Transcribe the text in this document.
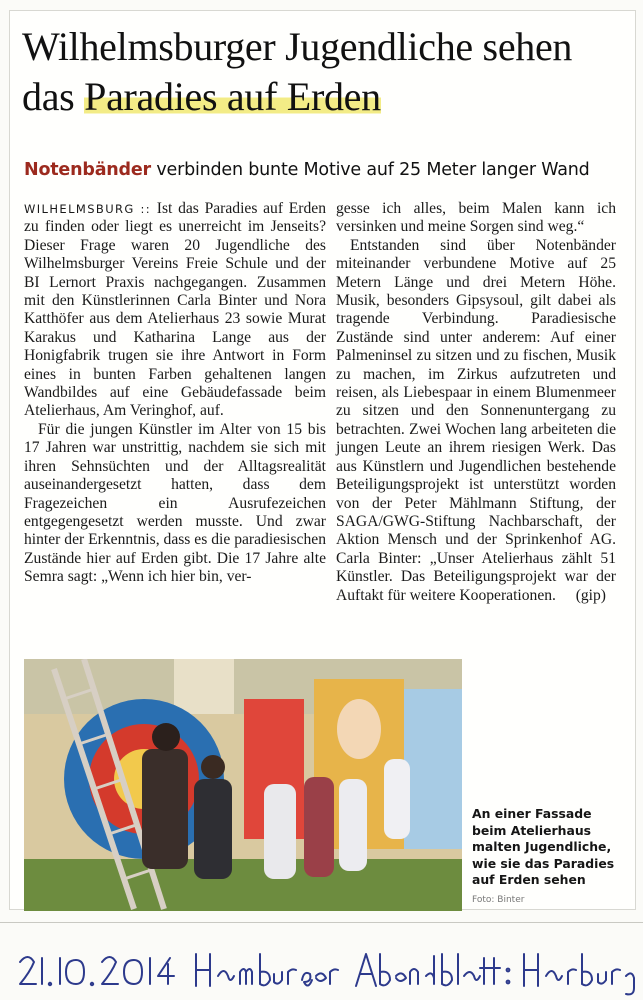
Wilhelmsburger Jugendliche sehen das Paradies auf Erden
Notenbänder verbinden bunte Motive auf 25 Meter langer Wand

WILHELMSBURG :: Ist das Paradies auf Erden zu finden oder liegt es unerreicht im Jenseits? Dieser Frage waren 20 Jugendliche des Wilhelmsburger Vereins Freie Schule und der BI Lernort Praxis nachgegangen. Zusammen mit den Künstlerinnen Carla Binter und Nora Katthöfer aus dem Atelierhaus 23 sowie Murat Karakus und Katharina Lange aus der Honigfabrik trugen sie ihre Antwort in Form eines in bunten Farben gehaltenen langen Wandbildes auf eine Gebäudefassade beim Atelierhaus, Am Veringhof, auf.

Für die jungen Künstler im Alter von 15 bis 17 Jahren war unstrittig, nachdem sie sich mit ihren Sehnsüchten und der Alltagsrealität auseinandergesetzt hatten, dass dem Fragezeichen ein Ausrufezeichen entgegengesetzt werden musste. Und zwar hinter der Erkenntnis, dass es die paradiesischen Zustände hier auf Erden gibt. Die 17 Jahre alte Semra sagt: „Wenn ich hier bin, ver-

gesse ich alles, beim Malen kann ich versinken und meine Sorgen sind weg.“

Entstanden sind über Notenbänder miteinander verbundene Motive auf 25 Metern Länge und drei Metern Höhe. Musik, besonders Gipsysoul, gilt dabei als tragende Verbindung. Paradiesische Zustände sind unter anderem: Auf einer Palmeninsel zu sitzen und zu fischen, Musik zu machen, im Zirkus aufzutreten und reisen, als Liebespaar in einem Blumenmeer zu sitzen und den Sonnenuntergang zu betrachten. Zwei Wochen lang arbeiteten die jungen Leute an ihrem riesigen Werk. Das aus Künstlern und Jugendlichen bestehende Beteiligungsprojekt ist unterstützt worden von der Peter Mählmann Stiftung, der SAGA/GWG-Stiftung Nachbarschaft, der Aktion Mensch und der Sprinkenhof AG. Carla Binter: „Unser Atelierhaus zählt 51 Künstler. Das Beteiligungsprojekt war der Auftakt für weitere Kooperationen.	(gip)

An einer Fassade beim Atelierhaus malten Jugendliche, wie sie das Paradies auf Erden sehen
Foto: Binter
